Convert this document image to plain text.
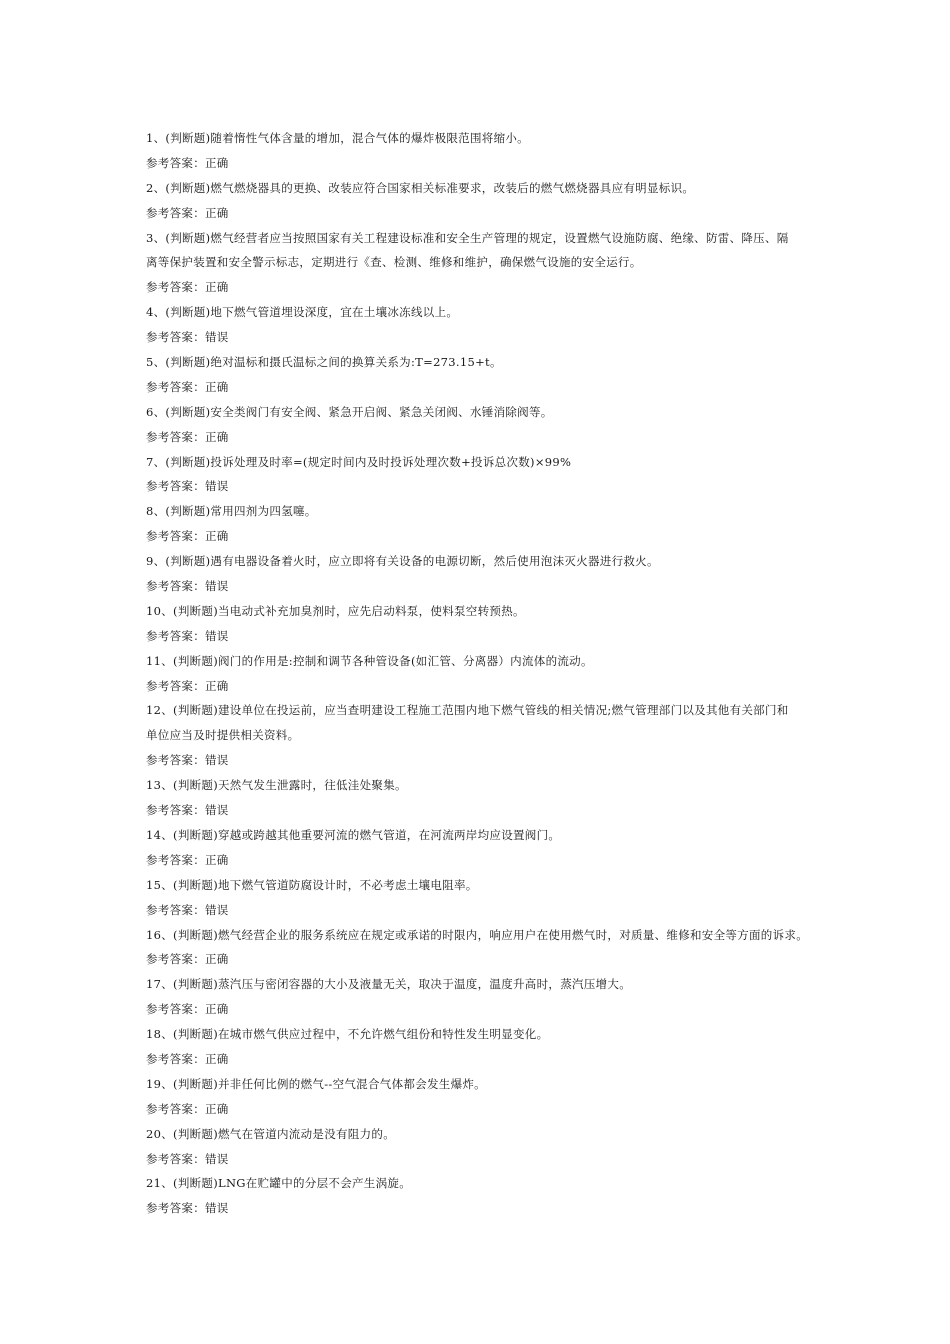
1、(判断题)随着惰性气体含量的增加，混合气体的爆炸极限范围将缩小。
参考答案：正确
2、(判断题)燃气燃烧器具的更换、改装应符合国家相关标准要求，改装后的燃气燃烧器具应有明显标识。
参考答案：正确
3、(判断题)燃气经营者应当按照国家有关工程建设标准和安全生产管理的规定，设置燃气设施防腐、绝缘、防雷、降压、隔
离等保护装置和安全警示标志，定期进行《查、检测、维修和维护，确保燃气设施的安全运行。
参考答案：正确
4、(判断题)地下燃气管道埋设深度，宜在土壤冰冻线以上。
参考答案：错误
5、(判断题)绝对温标和摄氏温标之间的换算关系为:T=273.15+t。
参考答案：正确
6、(判断题)安全类阀门有安全阀、紧急开启阀、紧急关闭阀、水锤消除阀等。
参考答案：正确
7、(判断题)投诉处理及时率=(规定时间内及时投诉处理次数+投诉总次数)×99%
参考答案：错误
8、(判断题)常用四剂为四氢噻。
参考答案：正确
9、(判断题)遇有电器设备着火时，应立即将有关设备的电源切断，然后使用泡沫灭火器进行救火。
参考答案：错误
10、(判断题)当电动式补充加臭剂时，应先启动料泵，使料泵空转预热。
参考答案：错误
11、(判断题)阀门的作用是:控制和调节各种管设备(如汇管、分离器）内流体的流动。
参考答案：正确
12、(判断题)建设单位在投运前，应当查明建设工程施工范围内地下燃气管线的相关情况;燃气管理部门以及其他有关部门和
单位应当及时提供相关资料。
参考答案：错误
13、(判断题)天然气发生泄露时，往低洼处聚集。
参考答案：错误
14、(判断题)穿越或跨越其他重要河流的燃气管道，在河流两岸均应设置阀门。
参考答案：正确
15、(判断题)地下燃气管道防腐设计时，不必考虑土壤电阻率。
参考答案：错误
16、(判断题)燃气经营企业的服务系统应在规定或承诺的时限内，响应用户在使用燃气时，对质量、维修和安全等方面的诉求。
参考答案：正确
17、(判断题)蒸汽压与密闭容器的大小及液量无关，取决于温度，温度升高时，蒸汽压增大。
参考答案：正确
18、(判断题)在城市燃气供应过程中，不允许燃气组份和特性发生明显变化。
参考答案：正确
19、(判断题)并非任何比例的燃气--空气混合气体都会发生爆炸。
参考答案：正确
20、(判断题)燃气在管道内流动是没有阻力的。
参考答案：错误
21、(判断题)LNG在贮罐中的分层不会产生涡旋。
参考答案：错误
